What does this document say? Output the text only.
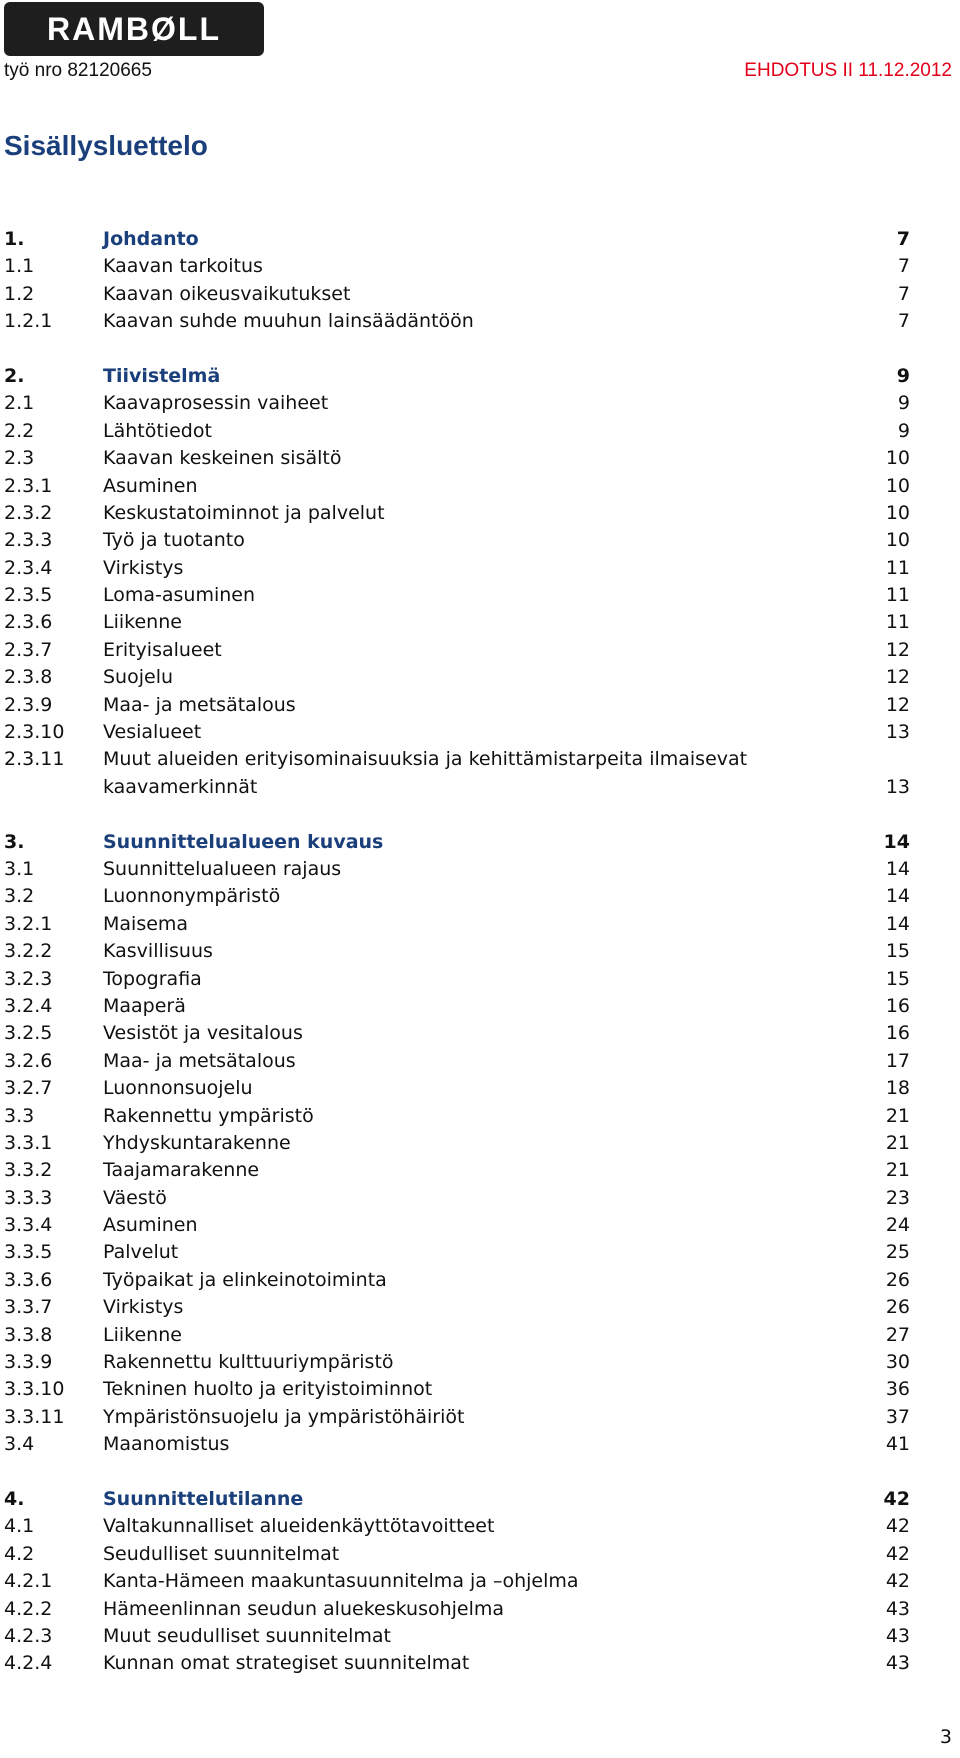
RAMBØLL
työ nro 82120665	EHDOTUS II 11.12.2012
Sisällysluettelo
1.	Johdanto	7
1.1	Kaavan tarkoitus	7
1.2	Kaavan oikeusvaikutukset	7
1.2.1	Kaavan suhde muuhun lainsäädäntöön	7
2.	Tiivistelmä	9
2.1	Kaavaprosessin vaiheet	9
2.2	Lähtötiedot	9
2.3	Kaavan keskeinen sisältö	10
2.3.1	Asuminen	10
2.3.2	Keskustatoiminnot ja palvelut	10
2.3.3	Työ ja tuotanto	10
2.3.4	Virkistys	11
2.3.5	Loma-asuminen	11
2.3.6	Liikenne	11
2.3.7	Erityisalueet	12
2.3.8	Suojelu	12
2.3.9	Maa- ja metsätalous	12
2.3.10 Vesialueet	13
2.3.11 Muut alueiden erityisominaisuuksia ja kehittämistarpeita ilmaisevat kaavamerkinnät	13
3.	Suunnittelualueen kuvaus	14
3.1	Suunnittelualueen rajaus	14
3.2	Luonnonympäristö	14
3.2.1	Maisema	14
3.2.2	Kasvillisuus	15
3.2.3	Topografia	15
3.2.4	Maaperä	16
3.2.5	Vesistöt ja vesitalous	16
3.2.6	Maa- ja metsätalous	17
3.2.7	Luonnonsuojelu	18
3.3	Rakennettu ympäristö	21
3.3.1	Yhdyskuntarakenne	21
3.3.2	Taajamarakenne	21
3.3.3	Väestö	23
3.3.4	Asuminen	24
3.3.5	Palvelut	25
3.3.6	Työpaikat ja elinkeinotoiminta	26
3.3.7	Virkistys	26
3.3.8	Liikenne	27
3.3.9	Rakennettu kulttuuriympäristö	30
3.3.10 Tekninen huolto ja erityistoiminnot	36
3.3.11 Ympäristönsuojelu ja ympäristöhäiriöt	37
3.4	Maanomistus	41
4.	Suunnittelutilanne	42
4.1	Valtakunnalliset alueidenkäyttötavoitteet	42
4.2	Seudulliset suunnitelmat	42
4.2.1	Kanta-Hämeen maakuntasuunnitelma ja –ohjelma	42
4.2.2	Hämeenlinnan seudun aluekeskusohjelma	43
4.2.3	Muut seudulliset suunnitelmat	43
4.2.4	Kunnan omat strategiset suunnitelmat	43
3
